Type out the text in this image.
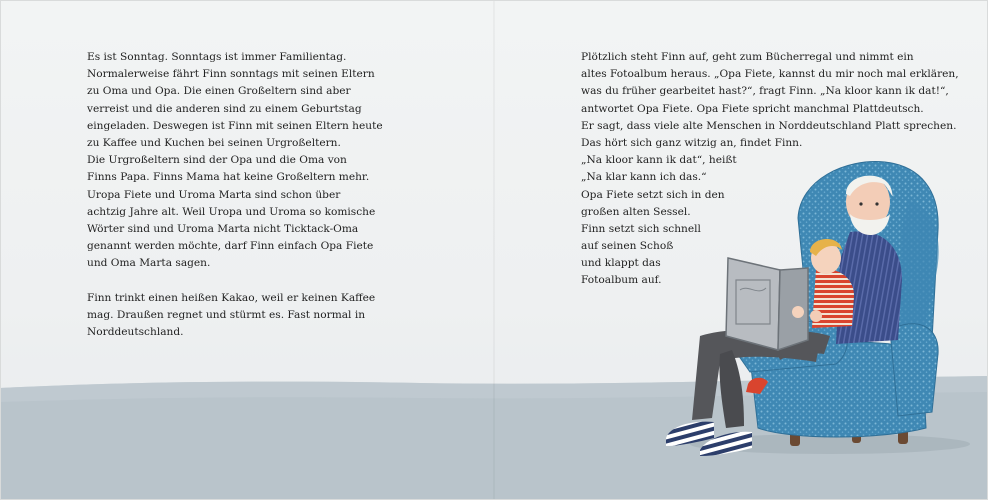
Es ist Sonntag. Sonntags ist immer Familientag.
Normalerweise fährt Finn sonntags mit seinen Eltern
zu Oma und Opa. Die einen Großeltern sind aber
verreist und die anderen sind zu einem Geburtstag
eingeladen. Deswegen ist Finn mit seinen Eltern heute
zu Kaffee und Kuchen bei seinen Urgroßeltern.
Die Urgroßeltern sind der Opa und die Oma von
Finns Papa. Finns Mama hat keine Großeltern mehr.
Uropa Fiete und Uroma Marta sind schon über
achtzig Jahre alt. Weil Uropa und Uroma so komische
Wörter sind und Uroma Marta nicht Ticktack-Oma
genannt werden möchte, darf Finn einfach Opa Fiete
und Oma Marta sagen.
Finn trinkt einen heißen Kakao, weil er keinen Kaffee
mag. Draußen regnet und stürmt es. Fast normal in
Norddeutschland.
Plötzlich steht Finn auf, geht zum Bücherregal und nimmt ein
altes Fotoalbum heraus. „Opa Fiete, kannst du mir noch mal erklären,
was du früher gearbeitet hast?“, fragt Finn. „Na kloor kann ik dat!“,
antwortet Opa Fiete. Opa Fiete spricht manchmal Plattdeutsch.
Er sagt, dass viele alte Menschen in Norddeutschland Platt sprechen.
Das hört sich ganz witzig an, findet Finn.
„Na kloor kann ik dat“, heißt
„Na klar kann ich das.“
Opa Fiete setzt sich in den
großen alten Sessel.
Finn setzt sich schnell
auf seinen Schoß
und klappt das
Fotoalbum auf.
